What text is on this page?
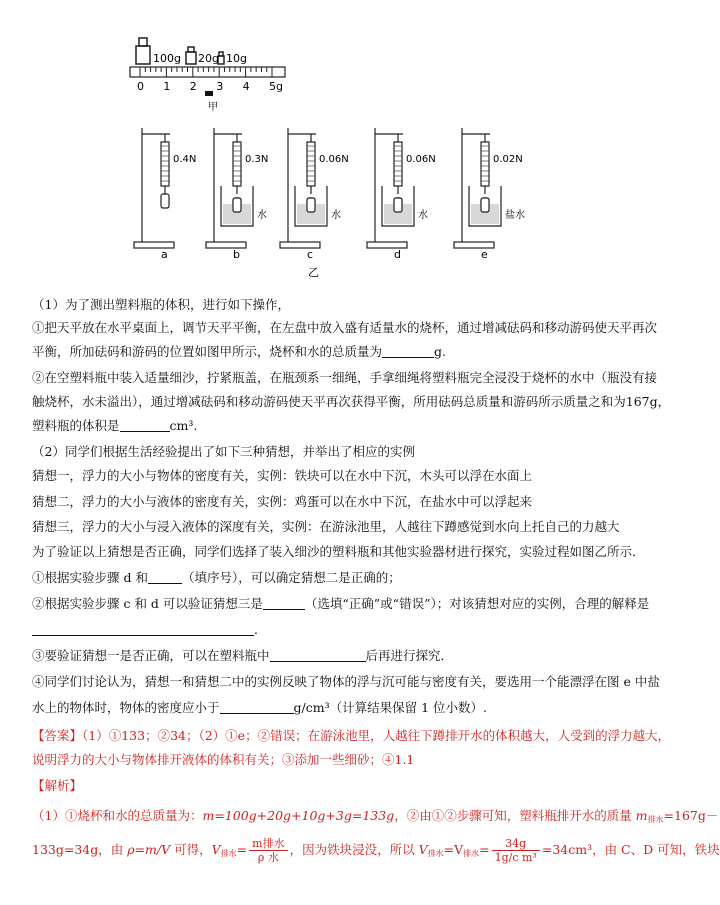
100g 20g 10g
0 1 2 3 4 5g
甲
0.4N
a
0.3N
水
b
0.06N
水
c
0.06N
水
d
0.02N
盐水
e
乙
（1）为了测出塑料瓶的体积，进行如下操作，
①把天平放在水平桌面上，调节天平平衡，在左盘中放入盛有适量水的烧杯，通过增减砝码和移动游码使天平再次
平衡，所加砝码和游码的位置如图甲所示，烧杯和水的总质量为	g.
②在空塑料瓶中装入适量细沙，拧紧瓶盖，在瓶颈系一细绳，手拿细绳将塑料瓶完全浸没于烧杯的水中（瓶没有接
触烧杯，水未溢出），通过增减砝码和移动游码使天平再次获得平衡，所用砝码总质量和游码所示质量之和为167g，
塑料瓶的体积是	cm³.
（2）同学们根据生活经验提出了如下三种猜想，并举出了相应的实例
猜想一，浮力的大小与物体的密度有关，实例：铁块可以在水中下沉，木头可以浮在水面上
猜想二，浮力的大小与液体的密度有关，实例：鸡蛋可以在水中下沉，在盐水中可以浮起来
猜想三，浮力的大小与浸入液体的深度有关，实例：在游泳池里，人越往下蹲感觉到水向上托自己的力越大
为了验证以上猜想是否正确，同学们选择了装入细沙的塑料瓶和其他实验器材进行探究，实验过程如图乙所示．
①根据实验步骤 d 和	（填序号），可以确定猜想二是正确的；
②根据实验步骤 c 和 d 可以验证猜想三是	（选填“正确”或“错误”）；对该猜想对应的实例，合理的解释是
.
③要验证猜想一是否正确，可以在塑料瓶中	后再进行探究．
④同学们讨论认为，猜想一和猜想二中的实例反映了物体的浮与沉可能与密度有关，要选用一个能漂浮在图 e 中盐
水上的物体时，物体的密度应小于	g/cm³（计算结果保留 1 位小数）.
【答案】（1）①133；②34；（2）①e；②错误；在游泳池里，人越往下蹲排开水的体积越大，人受到的浮力越大，
说明浮力的大小与物体排开液体的体积有关；③添加一些细砂；④1.1
【解析】
（1）①烧杯和水的总质量为：m=100g+20g+10g+3g=133g，②由①②步骤可知，塑料瓶排开水的质量 $m_{排水}=167g-$
133g=34g，由 ρ=m/V 可得，$V_{排水}= \frac{\text{m排水}}{\text{ρ 水}}$ ，因为铁块浸没，所以 $V_{排水}=V_{排水}= \frac{34g}{\text{1g/c m³}} =34cm^3$，由 C、D 可知，铁块
